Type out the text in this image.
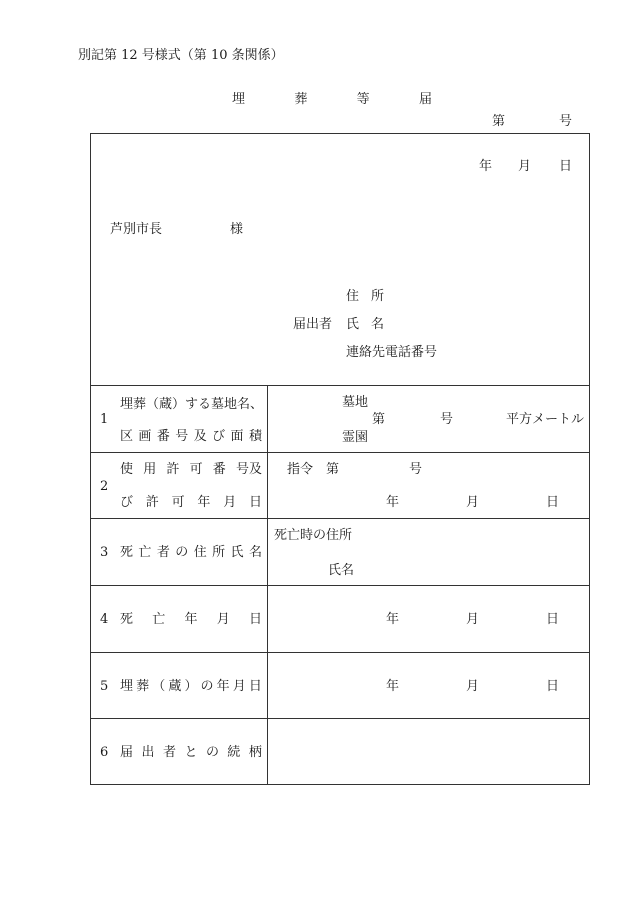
別記第 12 号様式（第 10 条関係）
埋	葬	等	届
第	号
年 月 日
芦別市長	様
住 所
届出者 氏 名
連絡先電話番号
1
埋葬（蔵）する墓地名、
区 画 番 号 及 び 面 積
墓地
第	号	平方メートル
霊園
2
使 用 許 可 番 号及
び 許 可 年 月 日
指令 第	号
年	月	日
3 死 亡 者 の 住 所 氏 名
死亡時の住所
氏名
4 死 亡 年 月 日	年	月	日
5 埋 葬 （ 蔵 ） の 年 月 日	年	月	日
6 届 出 者 と の 続 柄
